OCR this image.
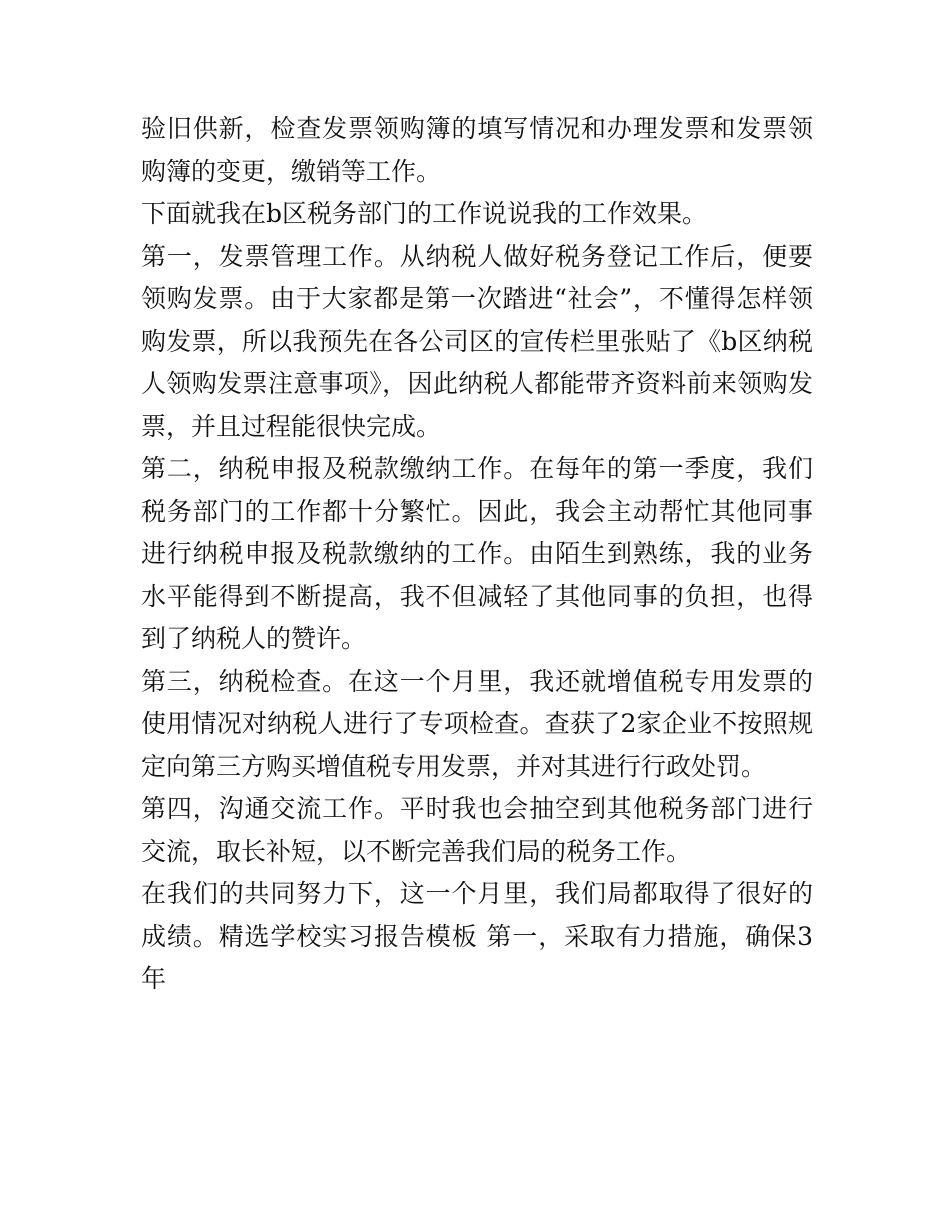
验旧供新，检查发票领购簿的填写情况和办理发票和发票领购簿的变更，缴销等工作。

下面就我在b区税务部门的工作说说我的工作效果。

第一，发票管理工作。从纳税人做好税务登记工作后，便要领购发票。由于大家都是第一次踏进“社会”，不懂得怎样领购发票，所以我预先在各公司区的宣传栏里张贴了《b区纳税人领购发票注意事项》，因此纳税人都能带齐资料前来领购发票，并且过程能很快完成。

第二，纳税申报及税款缴纳工作。在每年的第一季度，我们税务部门的工作都十分繁忙。因此，我会主动帮忙其他同事进行纳税申报及税款缴纳的工作。由陌生到熟练，我的业务水平能得到不断提高，我不但减轻了其他同事的负担，也得到了纳税人的赞许。

第三，纳税检查。在这一个月里，我还就增值税专用发票的使用情况对纳税人进行了专项检查。查获了2家企业不按照规定向第三方购买增值税专用发票，并对其进行行政处罚。

第四，沟通交流工作。平时我也会抽空到其他税务部门进行交流，取长补短，以不断完善我们局的税务工作。

在我们的共同努力下，这一个月里，我们局都取得了很好的成绩。精选学校实习报告模板 第一，采取有力措施，确保3年
